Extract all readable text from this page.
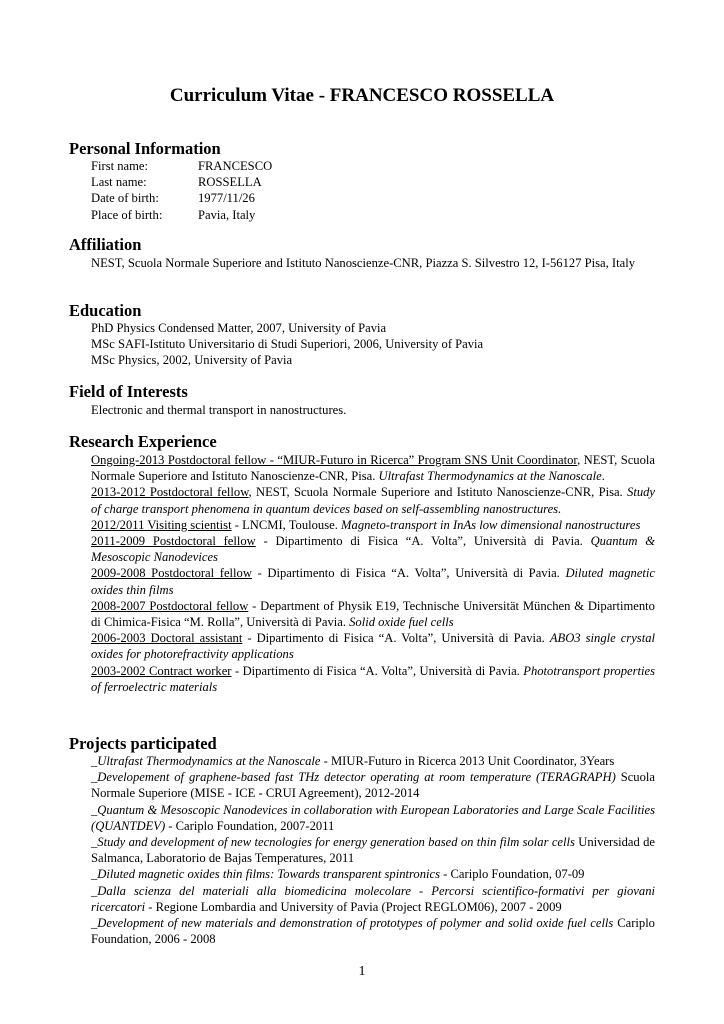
Curriculum Vitae - FRANCESCO ROSSELLA
Personal Information
First name:	FRANCESCO
Last name:	ROSSELLA
Date of birth:	1977/11/26
Place of birth:	Pavia, Italy
Affiliation
NEST, Scuola Normale Superiore and Istituto Nanoscienze-CNR, Piazza S. Silvestro 12, I-56127 Pisa, Italy
Education
PhD Physics Condensed Matter, 2007, University of Pavia
MSc SAFI-Istituto Universitario di Studi Superiori, 2006, University of Pavia
MSc Physics, 2002, University of Pavia
Field of Interests
Electronic and thermal transport in nanostructures.
Research Experience
Ongoing-2013 Postdoctoral fellow - “MIUR-Futuro in Ricerca” Program SNS Unit Coordinator, NEST, Scuola Normale Superiore and Istituto Nanoscienze-CNR, Pisa. Ultrafast Thermodynamics at the Nanoscale.
2013-2012 Postdoctoral fellow, NEST, Scuola Normale Superiore and Istituto Nanoscienze-CNR, Pisa. Study of charge transport phenomena in quantum devices based on self-assembling nanostructures.
2012/2011 Visiting scientist - LNCMI, Toulouse. Magneto-transport in InAs low dimensional nanostructures
2011-2009 Postdoctoral fellow - Dipartimento di Fisica “A. Volta”, Università di Pavia. Quantum & Mesoscopic Nanodevices
2009-2008 Postdoctoral fellow - Dipartimento di Fisica “A. Volta”, Università di Pavia. Diluted magnetic oxides thin films
2008-2007 Postdoctoral fellow - Department of Physik E19, Technische Universität München & Dipartimento di Chimica-Fisica “M. Rolla”, Università di Pavia. Solid oxide fuel cells
2006-2003 Doctoral assistant - Dipartimento di Fisica “A. Volta”, Università di Pavia. ABO3 single crystal oxides for photorefractivity applications
2003-2002 Contract worker - Dipartimento di Fisica “A. Volta”, Università di Pavia. Phototransport properties of ferroelectric materials
Projects participated
_Ultrafast Thermodynamics at the Nanoscale - MIUR-Futuro in Ricerca 2013 Unit Coordinator, 3Years
_Developement of graphene-based fast THz detector operating at room temperature (TERAGRAPH) Scuola Normale Superiore (MISE - ICE - CRUI Agreement), 2012-2014
_Quantum & Mesoscopic Nanodevices in collaboration with European Laboratories and Large Scale Facilities (QUANTDEV) - Cariplo Foundation, 2007-2011
_Study and development of new tecnologies for energy generation based on thin film solar cells Universidad de Salmanca, Laboratorio de Bajas Temperatures, 2011
_Diluted magnetic oxides thin films: Towards transparent spintronics - Cariplo Foundation, 07-09
_Dalla scienza del materiali alla biomedicina molecolare - Percorsi scientifico-formativi per giovani ricercatori - Regione Lombardia and University of Pavia (Project REGLOM06), 2007 - 2009
_Development of new materials and demonstration of prototypes of polymer and solid oxide fuel cells Cariplo Foundation, 2006 - 2008
1
